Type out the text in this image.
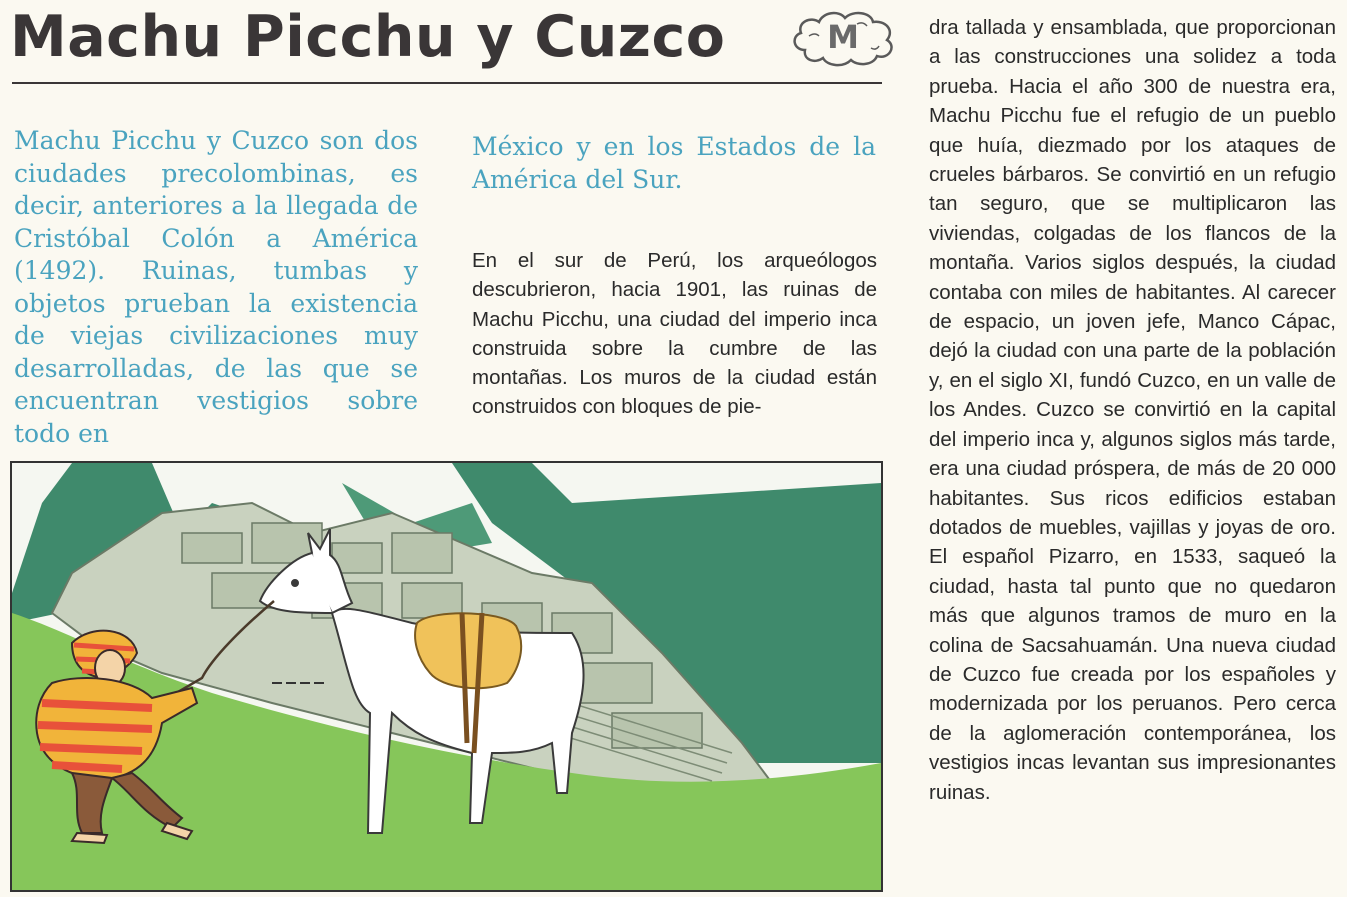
Machu Picchu y Cuzco	M
Machu Picchu y Cuzco son dos ciudades precolombinas, es decir, anteriores a la llegada de Cristóbal Colón a América (1492). Ruinas, tumbas y objetos prueban la existencia de viejas civilizaciones muy desarrolladas, de las que se encuentran vestigios sobre todo en
México y en los Estados de la América del Sur.
En el sur de Perú, los arqueólogos descubrieron, hacia 1901, las ruinas de Machu Picchu, una ciudad del imperio inca construida sobre la cumbre de las montañas. Los muros de la ciudad están construidos con bloques de pie-
dra tallada y ensamblada, que proporcionan a las construcciones una solidez a toda prueba. Hacia el año 300 de nuestra era, Machu Picchu fue el refugio de un pueblo que huía, diezmado por los ataques de crueles bárbaros. Se convirtió en un refugio tan seguro, que se multiplicaron las viviendas, colgadas de los flancos de la montaña. Varios siglos después, la ciudad contaba con miles de habitantes. Al carecer de espacio, un joven jefe, Manco Cápac, dejó la ciudad con una parte de la población y, en el siglo XI, fundó Cuzco, en un valle de los Andes. Cuzco se convirtió en la capital del imperio inca y, algunos siglos más tarde, era una ciudad próspera, de más de 20 000 habitantes. Sus ricos edificios estaban dotados de muebles, vajillas y joyas de oro. El español Pizarro, en 1533, saqueó la ciudad, hasta tal punto que no quedaron más que algunos tramos de muro en la colina de Sacsahuamán. Una nueva ciudad de Cuzco fue creada por los españoles y modernizada por los peruanos. Pero cerca de la aglomeración contemporánea, los vestigios incas levantan sus impresionantes ruinas.
